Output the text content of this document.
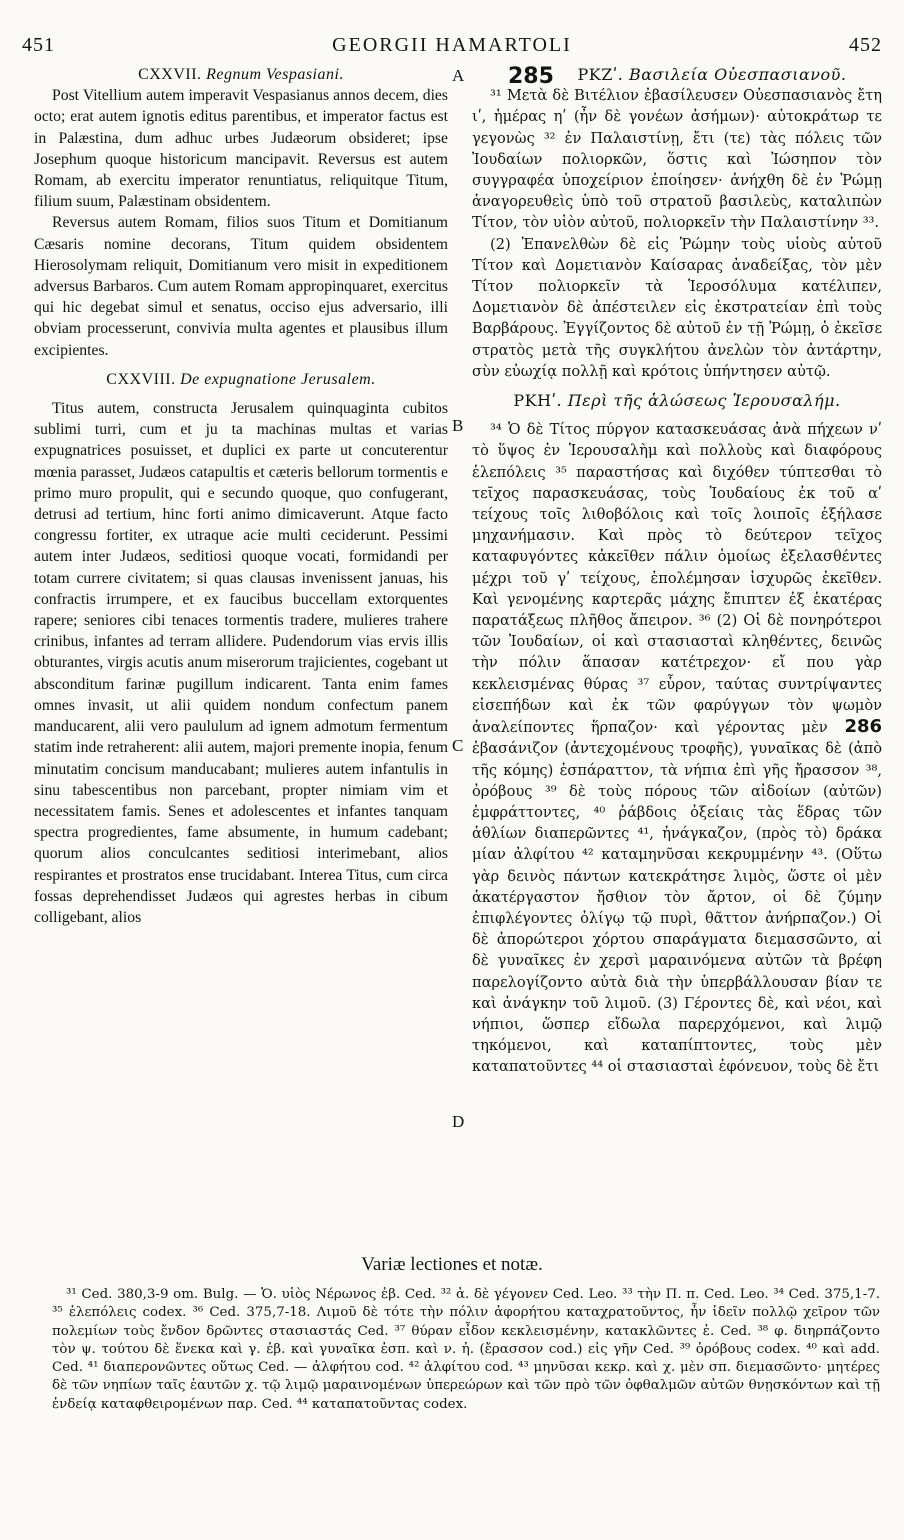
451	GEORGII HAMARTOLI	452
CXXVII. Regnum Vespasiani.

Post Vitellium autem imperavit Vespasianus annos decem, dies octo; erat autem ignotis editus parentibus, et imperator factus est in Palæstina, dum adhuc urbes Judæorum obsideret; ipse Josephum quoque historicum mancipavit. Reversus est autem Romam, ab exercitu imperator renuntiatus, reliquitque Titum, filium suum, Palæstinam obsidentem.

Reversus autem Romam, filios suos Titum et Domitianum Cæsaris nomine decorans, Titum quidem obsidentem Hierosolymam reliquit, Domitianum vero misit in expeditionem adversus Barbaros. Cum autem Romam appropinquaret, exercitus qui hic degebat simul et senatus, occiso ejus adversario, illi obviam processerunt, convivia multa agentes et plausibus illum excipientes.

CXXVIII. De expugnatione Jerusalem.

Titus autem, constructa Jerusalem quinquaginta cubitos sublimi turri, cum et ju ta machinas multas et varias expugnatrices posuisset, et duplici ex parte ut concuterentur mœnia parasset, Judæos catapultis et cæteris bellorum tormentis e primo muro propulit, qui e secundo quoque, quo confugerant, detrusi ad tertium, hinc forti animo dimicaverunt. Atque facto congressu fortiter, ex utraque acie multi ceciderunt. Pessimi autem inter Judæos, seditiosi quoque vocati, formidandi per totam currere civitatem; si quas clausas invenissent januas, his confractis irrumpere, et ex faucibus buccellam extorquentes rapere; seniores cibi tenaces tormentis tradere, mulieres trahere crinibus, infantes ad terram allidere. Pudendorum vias ervis illis obturantes, virgis acutis anum miserorum trajicientes, cogebant ut absconditum farinæ pugillum indicarent. Tanta enim fames omnes invasit, ut alii quidem nondum confectum panem manducarent, alii vero paululum ad ignem admotum fermentum statim inde retraherent: alii autem, majori premente inopia, fenum minutatim concisum manducabant; mulieres autem infantulis in sinu tabescentibus non parcebant, propter nimiam vim et necessitatem famis. Senes et adolescentes et infantes tanquam spectra progredientes, fame absumente, in humum cadebant; quorum alios conculcantes seditiosi interimebant, alios respirantes et prostratos ense trucidabant. Interea Titus, cum circa fossas deprehendisset Judæos qui agrestes herbas in cibum colligebant, alios

A
B
C
D
ΡΚΖʹ. Βασιλεία Οὐεσπασιανοῦ.

³¹ Μετὰ δὲ Βιτέλιον ἐβασίλευσεν Οὐεσπασιανὸς ἔτη ιʹ, ἡμέρας ηʹ (ἦν δὲ γονέων ἀσήμων)· αὐτοκράτωρ τε γεγονὼς ³² ἐν Παλαιστίνῃ, ἔτι (τε) τὰς πόλεις τῶν Ἰουδαίων πολιορκῶν, ὅστις καὶ Ἰώσηπον τὸν συγγραφέα ὑποχείριον ἐποίησεν· ἀνήχθη δὲ ἐν Ῥώμῃ ἀναγορευθεὶς ὑπὸ τοῦ στρατοῦ βασιλεὺς, καταλιπὼν Τίτον, τὸν υἱὸν αὐτοῦ, πολιορκεῖν τὴν Παλαιστίνην ³³.

(2) Ἐπανελθὼν δὲ εἰς Ῥώμην τοὺς υἱοὺς αὐτοῦ Τίτον καὶ Δομετιανὸν Καίσαρας ἀναδείξας, τὸν μὲν Τίτον πολιορκεῖν τὰ Ἱεροσόλυμα κατέλιπεν, Δομετιανὸν δὲ ἀπέστειλεν εἰς ἐκστρατείαν ἐπὶ τοὺς Βαρβάρους. Ἐγγίζοντος δὲ αὐτοῦ ἐν τῇ Ῥώμῃ, ὁ ἐκεῖσε στρατὸς μετὰ τῆς συγκλήτου ἀνελὼν τὸν ἀντάρτην, σὺν εὐωχίᾳ πολλῇ καὶ κρότοις ὑπήντησεν αὐτῷ.

ΡΚΗʹ. Περὶ τῆς ἁλώσεως Ἱερουσαλήμ.

³⁴ Ὁ δὲ Τίτος πύργον κατασκευάσας ἀνὰ πήχεων νʹ τὸ ὕψος ἐν Ἱερουσαλὴμ καὶ πολλοὺς καὶ διαφόρους ἑλεπόλεις ³⁵ παραστήσας καὶ διχόθεν τύπτεσθαι τὸ τεῖχος παρασκευάσας, τοὺς Ἰουδαίους ἐκ τοῦ αʹ τείχους τοῖς λιθοβόλοις καὶ τοῖς λοιποῖς ἐξήλασε μηχανήμασιν. Καὶ πρὸς τὸ δεύτερον τεῖχος καταφυγόντες κἀκεῖθεν πάλιν ὁμοίως ἐξελασθέντες μέχρι τοῦ γʹ τείχους, ἐπολέμησαν ἰσχυρῶς ἐκεῖθεν. Καὶ γενομένης καρτερᾶς μάχης ἔπιπτεν ἐξ ἑκατέρας παρατάξεως πλῆθος ἄπειρον. ³⁶ (2) Οἱ δὲ πονηρότεροι τῶν Ἰουδαίων, οἱ καὶ στασιασταὶ κληθέντες, δεινῶς τὴν πόλιν ἅπασαν κατέτρεχον· εἴ που γὰρ κεκλεισμένας θύρας ³⁷ εὗρον, ταύτας συντρίψαντες εἰσεπήδων καὶ ἐκ τῶν φαρύγγων τὸν ψωμὸν ἀναλείποντες ἥρπαζον· καὶ γέροντας μὲν 286 ἐβασάνιζον (ἀντεχομένους τροφῆς), γυναῖκας δὲ (ἀπὸ τῆς κόμης) ἐσπάραττον, τὰ νήπια ἐπὶ γῆς ἤρασσον ³⁸, ὀρόβους ³⁹ δὲ τοὺς πόρους τῶν αἰδοίων (αὐτῶν) ἐμφράττοντες, ⁴⁰ ῥάβδοις ὀξείαις τὰς ἕδρας τῶν ἀθλίων διαπερῶντες ⁴¹, ἠνάγκαζον, (πρὸς τὸ) δράκα μίαν ἀλφίτου ⁴² καταμηνῦσαι κεκρυμμένην ⁴³. (Οὕτω γὰρ δεινὸς πάντων κατεκράτησε λιμὸς, ὥστε οἱ μὲν ἀκατέργαστον ἤσθιον τὸν ἄρτον, οἱ δὲ ζύμην ἐπιφλέγοντες ὀλίγῳ τῷ πυρὶ, θᾶττον ἀνήρπαζον.) Οἱ δὲ ἀπορώτεροι χόρτου σπαράγματα διεμασσῶντο, αἱ δὲ γυναῖκες ἐν χερσὶ μαραινόμενα αὐτῶν τὰ βρέφη παρελογίζοντο αὐτὰ διὰ τὴν ὑπερβάλλουσαν βίαν τε καὶ ἀνάγκην τοῦ λιμοῦ. (3) Γέροντες δὲ, καὶ νέοι, καὶ νήπιοι, ὥσπερ εἴδωλα παρερχόμενοι, καὶ λιμῷ τηκόμενοι, καὶ καταπίπτοντες, τοὺς μὲν καταπατοῦντες ⁴⁴ οἱ στασιασταὶ ἐφόνευον, τοὺς δὲ ἔτι

285
Variæ lectiones et notæ.
³¹ Ced. 380,3-9 om. Bulg. — Ὁ. υἱὸς Νέρωνος ἐβ. Ced. ³² ἀ. δὲ γέγονεν Ced. Leo. ³³ τὴν Π. π. Ced. Leo. ³⁴ Ced. 375,1-7. ³⁵ ἑλεπόλεις codex. ³⁶ Ced. 375,7-18. Λιμοῦ δὲ τότε τὴν πόλιν ἀφορήτου καταχρατοῦντος, ἦν ἰδεῖν πολλῷ χεῖρον τῶν πολεμίων τοὺς ἔνδον δρῶντες στασιαστάς Ced. ³⁷ θύραν εἶδον κεκλεισμένην, κατακλῶντες ἐ. Ced. ³⁸ φ. διηρπάζοντο τὸν ψ. τούτου δὲ ἕνεκα καὶ γ. ἐβ. καὶ γυναῖκα ἐσπ. καὶ ν. ἠ. (ἔρασσον cod.) εἰς γῆν Ced. ³⁹ ὀρόβους codex. ⁴⁰ καὶ add. Ced. ⁴¹ διαπερονῶντες οὕτως Ced. — ἀλφήτου cod. ⁴² ἀλφίτου cod. ⁴³ μηνῦσαι κεκρ. καὶ χ. μὲν σπ. διεμασῶντο· μητέρες δὲ τῶν νηπίων ταῖς ἑαυτῶν χ. τῷ λιμῷ μαραινομένων ὑπερεώρων καὶ τῶν πρὸ τῶν ὀφθαλμῶν αὐτῶν θνῃσκόντων καὶ τῇ ἐνδείᾳ καταφθειρομένων παρ. Ced. ⁴⁴ καταπατοῦντας codex.
